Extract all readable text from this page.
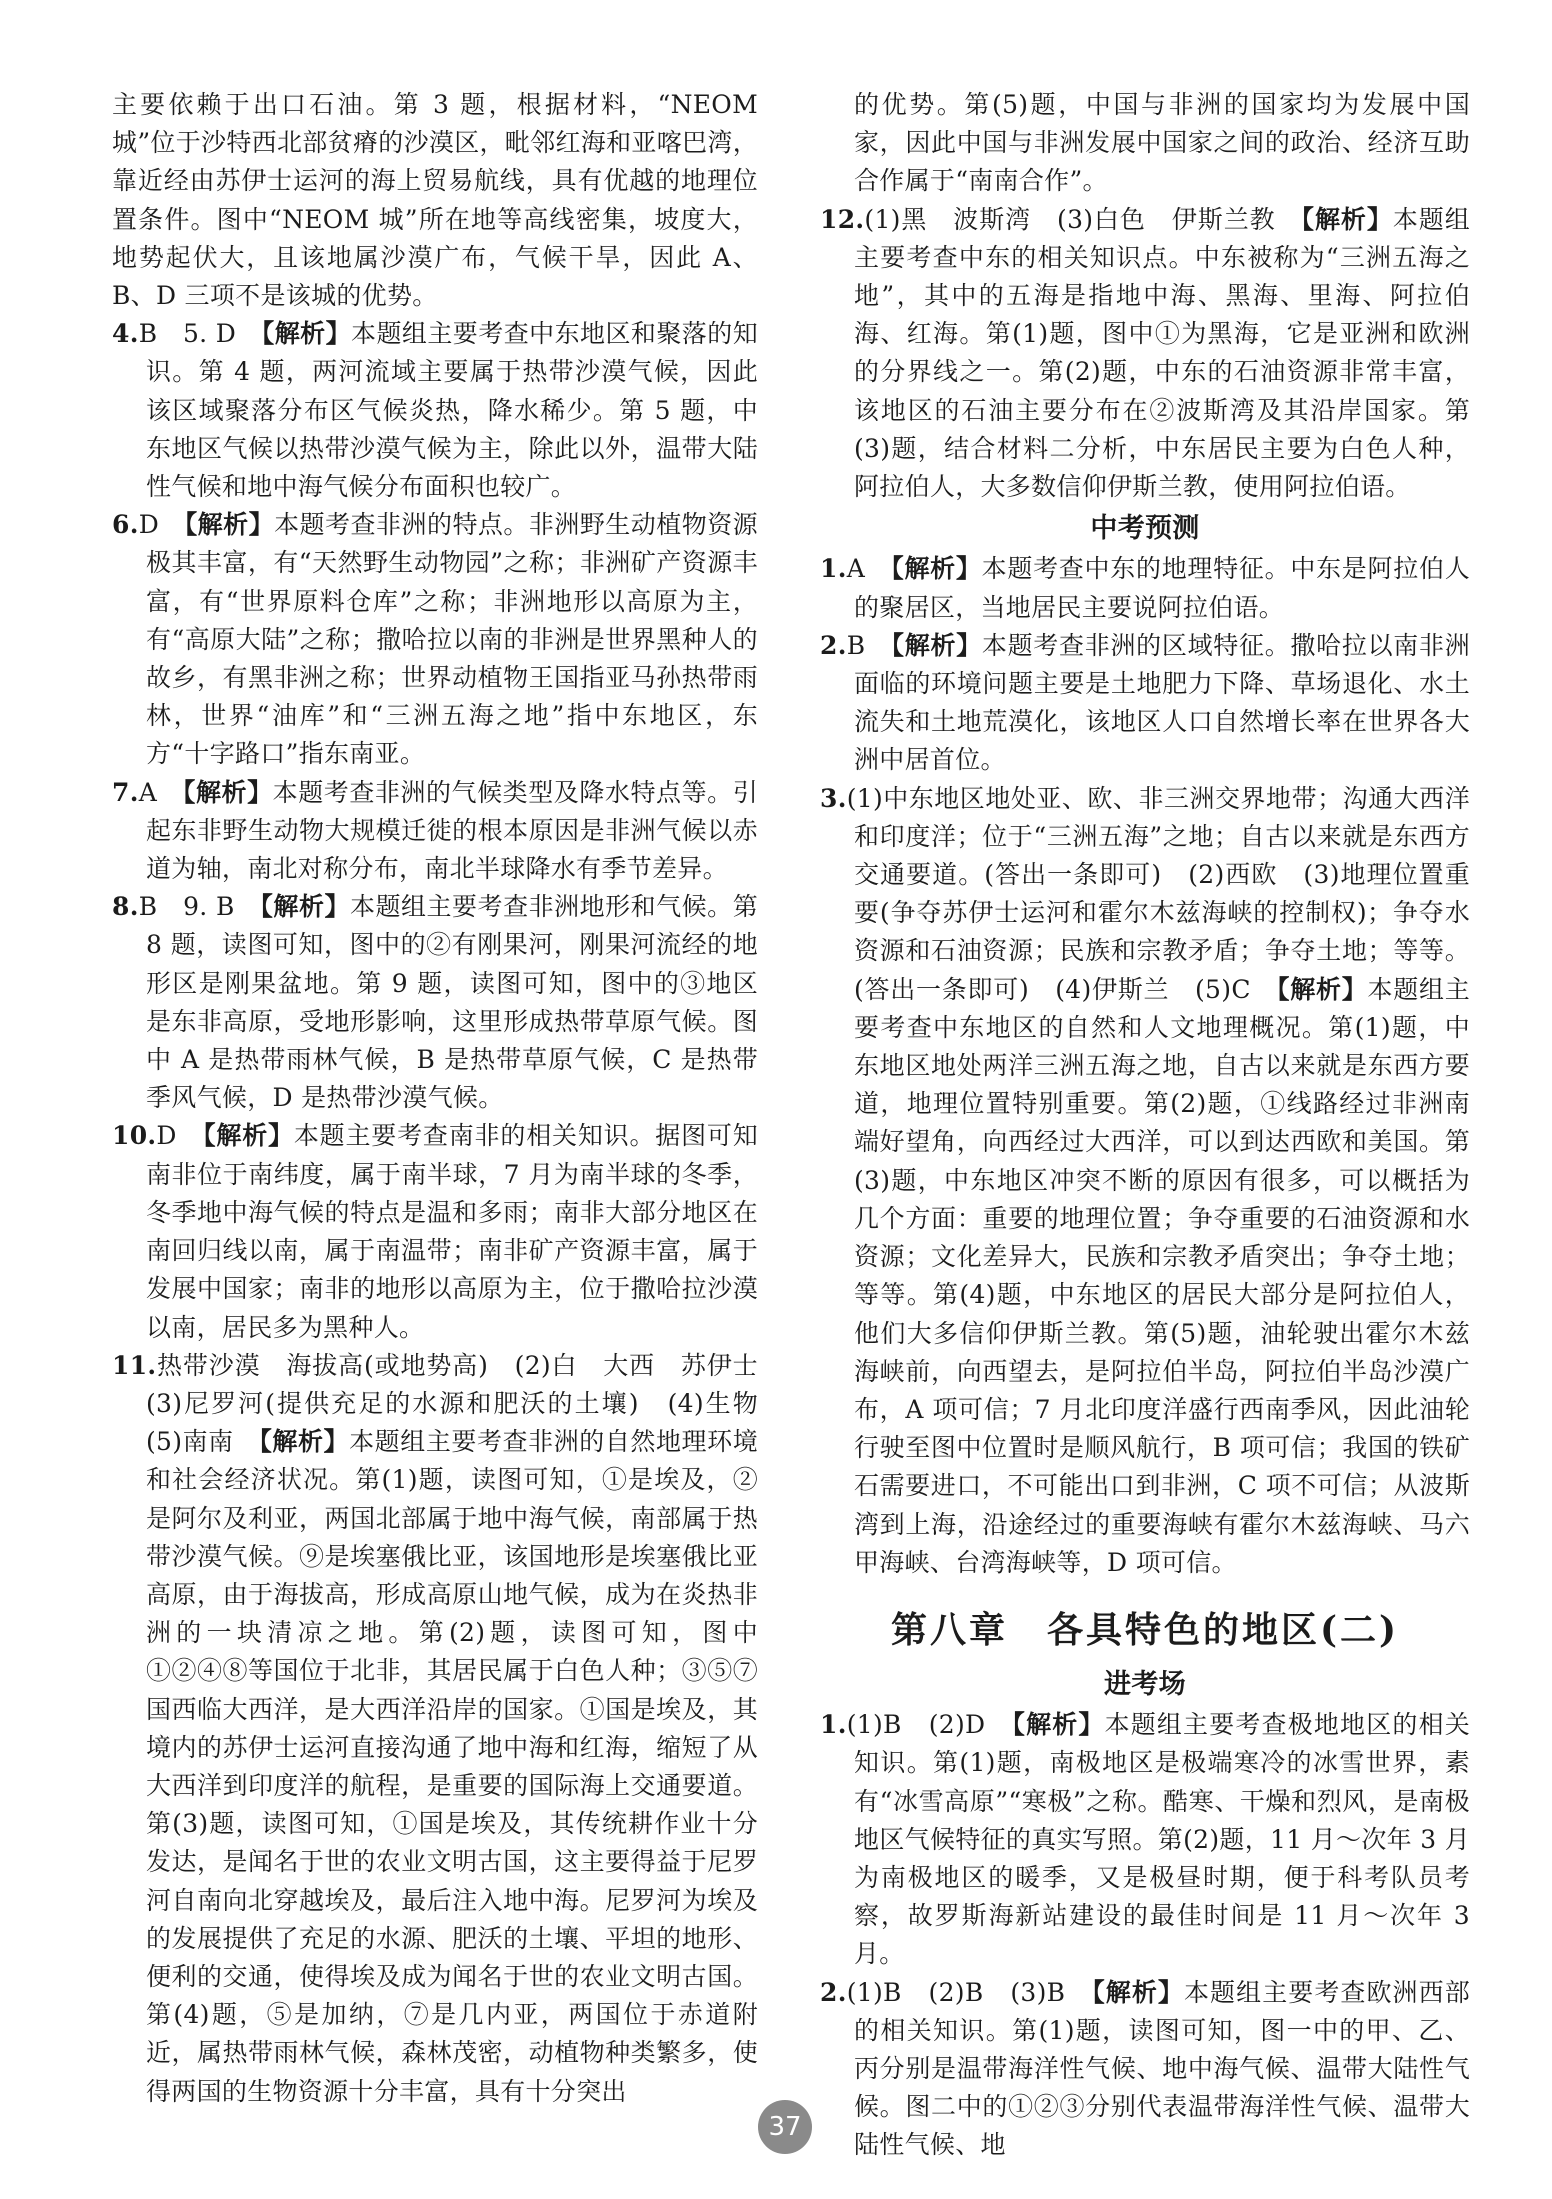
主要依赖于出口石油。第 3 题，根据材料，“NEOM 城”位于沙特西北部贫瘠的沙漠区，毗邻红海和亚喀巴湾，靠近经由苏伊士运河的海上贸易航线，具有优越的地理位置条件。图中“NEOM 城”所在地等高线密集，坡度大，地势起伏大，且该地属沙漠广布，气候干旱，因此 A、B、D 三项不是该城的优势。

4.B　5. D　【解析】本题组主要考查中东地区和聚落的知识。第 4 题，两河流域主要属于热带沙漠气候，因此该区域聚落分布区气候炎热，降水稀少。第 5 题，中东地区气候以热带沙漠气候为主，除此以外，温带大陆性气候和地中海气候分布面积也较广。

6.D　【解析】本题考查非洲的特点。非洲野生动植物资源极其丰富，有“天然野生动物园”之称；非洲矿产资源丰富，有“世界原料仓库”之称；非洲地形以高原为主，有“高原大陆”之称；撒哈拉以南的非洲是世界黑种人的故乡，有黑非洲之称；世界动植物王国指亚马孙热带雨林，世界“油库”和“三洲五海之地”指中东地区，东方“十字路口”指东南亚。

7.A　【解析】本题考查非洲的气候类型及降水特点等。引起东非野生动物大规模迁徙的根本原因是非洲气候以赤道为轴，南北对称分布，南北半球降水有季节差异。

8.B　9. B　【解析】本题组主要考查非洲地形和气候。第 8 题，读图可知，图中的②有刚果河，刚果河流经的地形区是刚果盆地。第 9 题，读图可知，图中的③地区是东非高原，受地形影响，这里形成热带草原气候。图中 A 是热带雨林气候，B 是热带草原气候，C 是热带季风气候，D 是热带沙漠气候。

10.D　【解析】本题主要考查南非的相关知识。据图可知南非位于南纬度，属于南半球，7 月为南半球的冬季，冬季地中海气候的特点是温和多雨；南非大部分地区在南回归线以南，属于南温带；南非矿产资源丰富，属于发展中国家；南非的地形以高原为主，位于撒哈拉沙漠以南，居民多为黑种人。

11.热带沙漠　海拔高(或地势高)　(2)白　大西　苏伊士　(3)尼罗河(提供充足的水源和肥沃的土壤)　(4)生物　(5)南南　【解析】本题组主要考查非洲的自然地理环境和社会经济状况。第(1)题，读图可知，①是埃及，②是阿尔及利亚，两国北部属于地中海气候，南部属于热带沙漠气候。⑨是埃塞俄比亚，该国地形是埃塞俄比亚高原，由于海拔高，形成高原山地气候，成为在炎热非洲的一块清凉之地。第(2)题，读图可知，图中①②④⑧等国位于北非，其居民属于白色人种；③⑤⑦国西临大西洋，是大西洋沿岸的国家。①国是埃及，其境内的苏伊士运河直接沟通了地中海和红海，缩短了从大西洋到印度洋的航程，是重要的国际海上交通要道。第(3)题，读图可知，①国是埃及，其传统耕作业十分发达，是闻名于世的农业文明古国，这主要得益于尼罗河自南向北穿越埃及，最后注入地中海。尼罗河为埃及的发展提供了充足的水源、肥沃的土壤、平坦的地形、便利的交通，使得埃及成为闻名于世的农业文明古国。第(4)题，⑤是加纳，⑦是几内亚，两国位于赤道附近，属热带雨林气候，森林茂密，动植物种类繁多，使得两国的生物资源十分丰富，具有十分突出

的优势。第(5)题，中国与非洲的国家均为发展中国家，因此中国与非洲发展中国家之间的政治、经济互助合作属于“南南合作”。

12.(1)黑　波斯湾　(3)白色　伊斯兰教　【解析】本题组主要考查中东的相关知识点。中东被称为“三洲五海之地”，其中的五海是指地中海、黑海、里海、阿拉伯海、红海。第(1)题，图中①为黑海，它是亚洲和欧洲的分界线之一。第(2)题，中东的石油资源非常丰富，该地区的石油主要分布在②波斯湾及其沿岸国家。第(3)题，结合材料二分析，中东居民主要为白色人种，阿拉伯人，大多数信仰伊斯兰教，使用阿拉伯语。

中考预测

1.A　【解析】本题考查中东的地理特征。中东是阿拉伯人的聚居区，当地居民主要说阿拉伯语。

2.B　【解析】本题考查非洲的区域特征。撒哈拉以南非洲面临的环境问题主要是土地肥力下降、草场退化、水土流失和土地荒漠化，该地区人口自然增长率在世界各大洲中居首位。

3.(1)中东地区地处亚、欧、非三洲交界地带；沟通大西洋和印度洋；位于“三洲五海”之地；自古以来就是东西方交通要道。(答出一条即可)　(2)西欧　(3)地理位置重要(争夺苏伊士运河和霍尔木兹海峡的控制权)；争夺水资源和石油资源；民族和宗教矛盾；争夺土地；等等。(答出一条即可)　(4)伊斯兰　(5)C　【解析】本题组主要考查中东地区的自然和人文地理概况。第(1)题，中东地区地处两洋三洲五海之地，自古以来就是东西方要道，地理位置特别重要。第(2)题，①线路经过非洲南端好望角，向西经过大西洋，可以到达西欧和美国。第(3)题，中东地区冲突不断的原因有很多，可以概括为几个方面：重要的地理位置；争夺重要的石油资源和水资源；文化差异大，民族和宗教矛盾突出；争夺土地；等等。第(4)题，中东地区的居民大部分是阿拉伯人，他们大多信仰伊斯兰教。第(5)题，油轮驶出霍尔木兹海峡前，向西望去，是阿拉伯半岛，阿拉伯半岛沙漠广布，A 项可信；7 月北印度洋盛行西南季风，因此油轮行驶至图中位置时是顺风航行，B 项可信；我国的铁矿石需要进口，不可能出口到非洲，C 项不可信；从波斯湾到上海，沿途经过的重要海峡有霍尔木兹海峡、马六甲海峡、台湾海峡等，D 项可信。

第八章　各具特色的地区(二)

进考场

1.(1)B　(2)D　【解析】本题组主要考查极地地区的相关知识。第(1)题，南极地区是极端寒冷的冰雪世界，素有“冰雪高原”“寒极”之称。酷寒、干燥和烈风，是南极地区气候特征的真实写照。第(2)题，11 月～次年 3 月为南极地区的暖季，又是极昼时期，便于科考队员考察，故罗斯海新站建设的最佳时间是 11 月～次年 3 月。

2.(1)B　(2)B　(3)B　【解析】本题组主要考查欧洲西部的相关知识。第(1)题，读图可知，图一中的甲、乙、丙分别是温带海洋性气候、地中海气候、温带大陆性气候。图二中的①②③分别代表温带海洋性气候、温带大陆性气候、地

37
